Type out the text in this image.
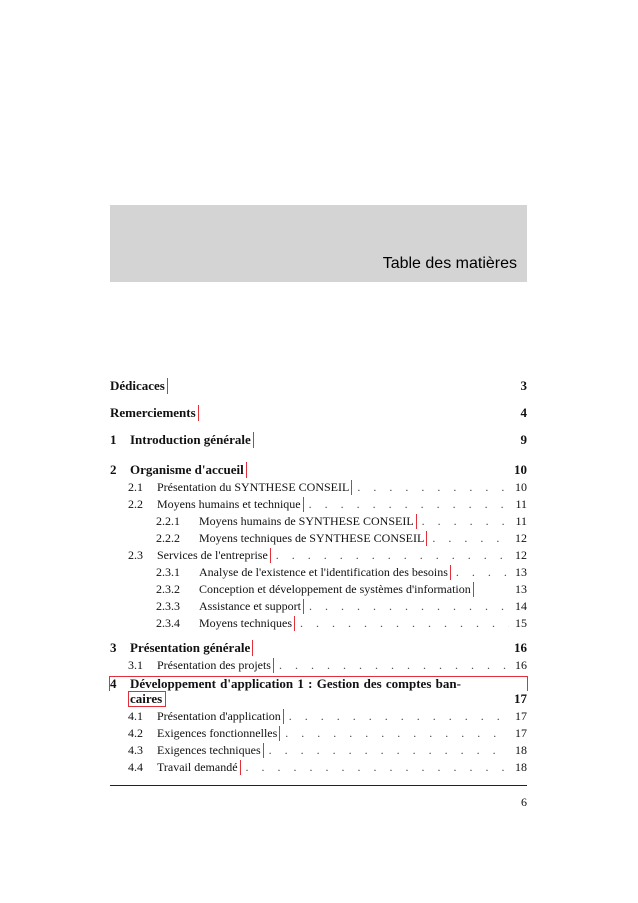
Table des matières
Dédicaces	3
Remerciements	4
1	Introduction générale	9
2	Organisme d'accueil	10
2.1	Présentation du SYNTHESE CONSEIL . . .	10
2.2	Moyens humains et technique . . .	11
2.2.1	Moyens humains de SYNTHESE CONSEIL . . .	11
2.2.2	Moyens techniques de SYNTHESE CONSEIL . . .	12
2.3	Services de l'entreprise . . .	12
2.3.1	Analyse de l'existence et l'identification des besoins . . .	13
2.3.2	Conception et développement de systèmes d'information	13
2.3.3	Assistance et support . . .	14
2.3.4	Moyens techniques . . .	15
3	Présentation générale	16
3.1	Présentation des projets . . .	16
4	Développement d'application 1 : Gestion des comptes ban-
caires	17
4.1	Présentation d'application . . .	17
4.2	Exigences fonctionnelles . . .	17
4.3	Exigences techniques . . .	18
4.4	Travail demandé . . .	18
6
